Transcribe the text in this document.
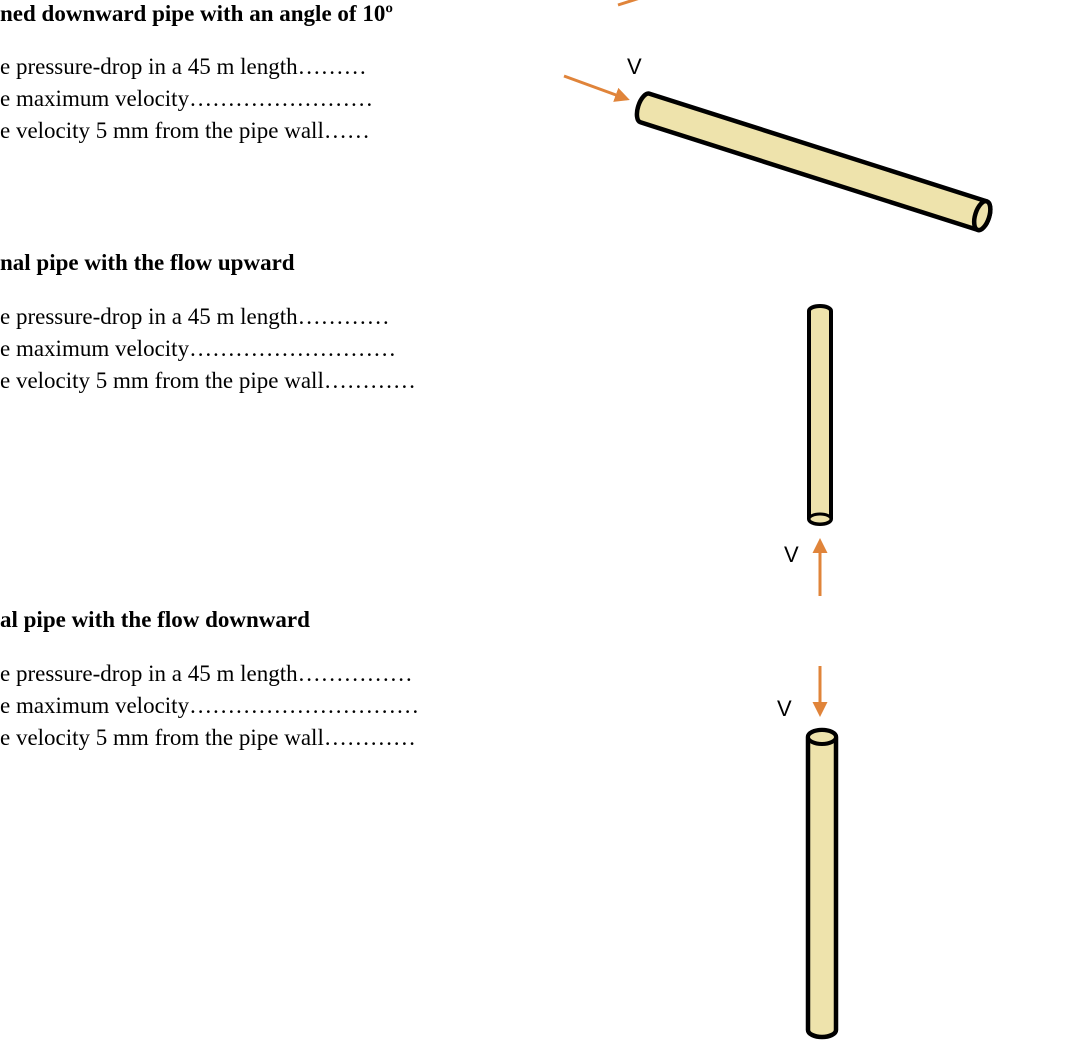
ned downward pipe with an angle of 10º

e pressure-drop in a 45 m length………

e maximum velocity……………………

e velocity 5 mm from the pipe wall……

nal pipe with the flow upward

e pressure-drop in a 45 m length…………

e maximum velocity………………………

e velocity 5 mm from the pipe wall…………

al pipe with the flow downward

e pressure-drop in a 45 m length……………

e maximum velocity…………………………

e velocity 5 mm from the pipe wall…………

V
V
V
